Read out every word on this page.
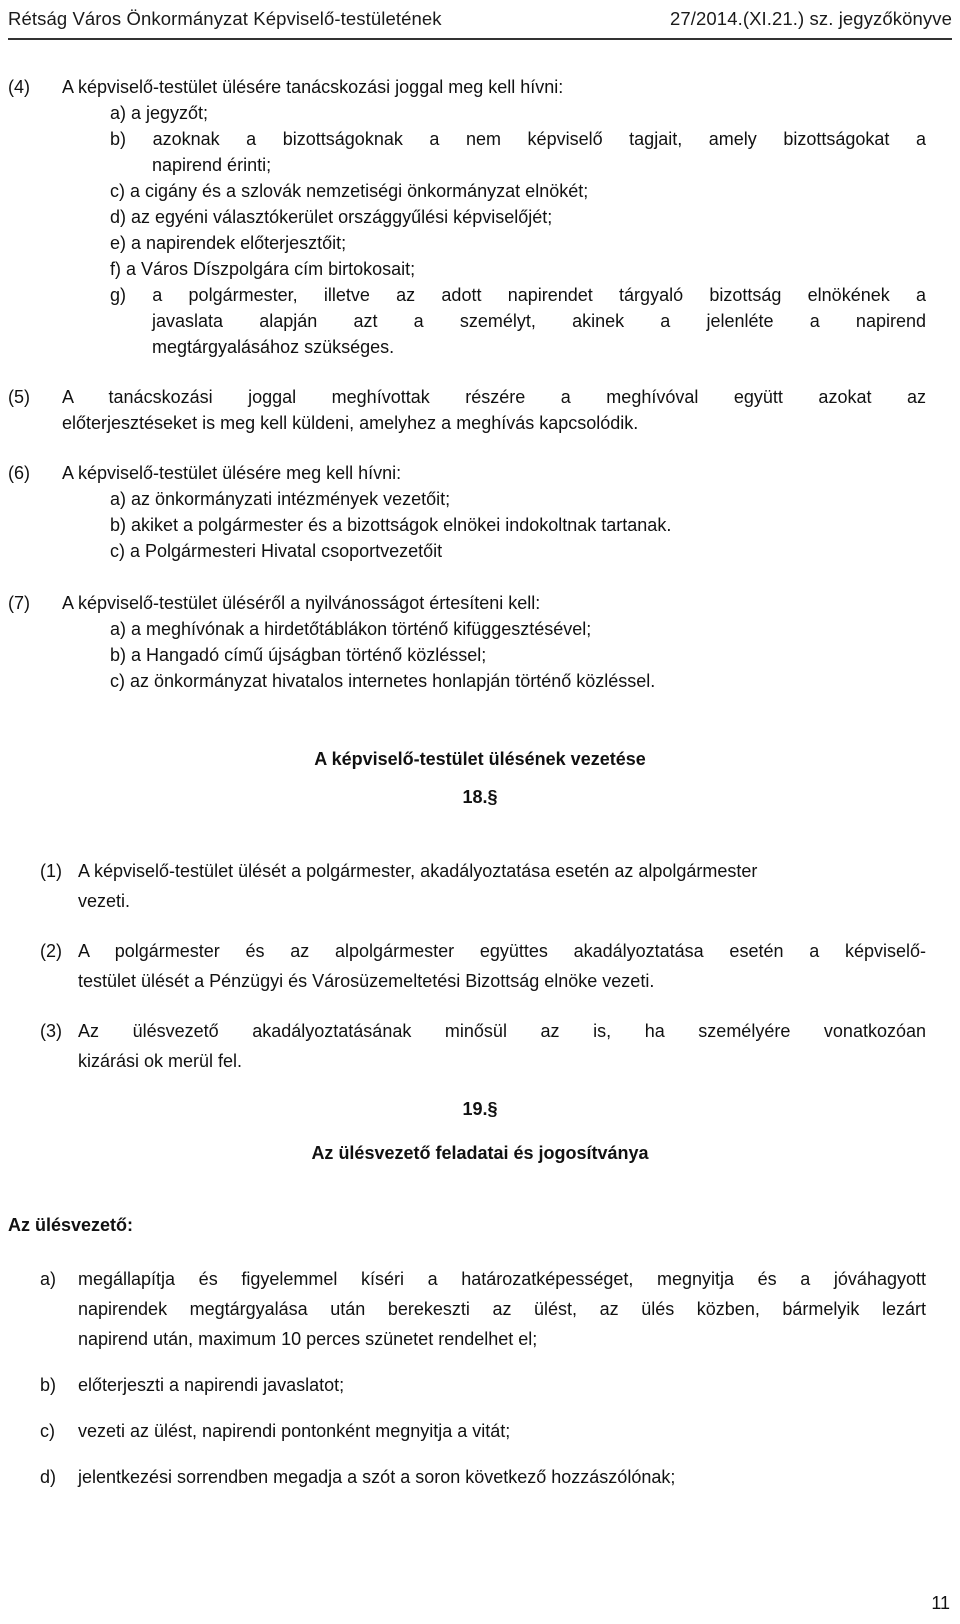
Rétság Város Önkormányzat Képviselő-testületének	27/2014.(XI.21.) sz. jegyzőkönyve
(4) A képviselő-testület ülésére tanácskozási joggal meg kell hívni:
a) a jegyzőt;
b) azoknak a bizottságoknak a nem képviselő tagjait, amely bizottságokat a
napirend érinti;
c) a cigány és a szlovák nemzetiségi önkormányzat elnökét;
d) az egyéni választókerület országgyűlési képviselőjét;
e) a napirendek előterjesztőit;
f) a Város Díszpolgára cím birtokosait;
g) a polgármester, illetve az adott napirendet tárgyaló bizottság elnökének a
javaslata alapján azt a személyt, akinek a jelenléte a napirend
megtárgyalásához szükséges.
(5) A tanácskozási joggal meghívottak részére a meghívóval együtt azokat az
előterjesztéseket is meg kell küldeni, amelyhez a meghívás kapcsolódik.
(6) A képviselő-testület ülésére meg kell hívni:
a) az önkormányzati intézmények vezetőit;
b) akiket a polgármester és a bizottságok elnökei indokoltnak tartanak.
c) a Polgármesteri Hivatal csoportvezetőit
(7) A képviselő-testület üléséről a nyilvánosságot értesíteni kell:
a) a meghívónak a hirdetőtáblákon történő kifüggesztésével;
b) a Hangadó című újságban történő közléssel;
c) az önkormányzat hivatalos internetes honlapján történő közléssel.
A képviselő-testület ülésének vezetése
18.§
(1) A képviselő-testület ülését a polgármester, akadályoztatása esetén az alpolgármester
vezeti.
(2) A polgármester és az alpolgármester együttes akadályoztatása esetén a képviselő-
testület ülését a Pénzügyi és Városüzemeltetési Bizottság elnöke vezeti.
(3) Az ülésvezető akadályoztatásának minősül az is, ha személyére vonatkozóan
kizárási ok merül fel.
19.§
Az ülésvezető feladatai és jogosítványa
Az ülésvezető:
a) megállapítja és figyelemmel kíséri a határozatképességet, megnyitja és a jóváhagyott
napirendek megtárgyalása után berekeszti az ülést, az ülés közben, bármelyik lezárt
napirend után, maximum 10 perces szünetet rendelhet el;
b) előterjeszti a napirendi javaslatot;
c) vezeti az ülést, napirendi pontonként megnyitja a vitát;
d) jelentkezési sorrendben megadja a szót a soron következő hozzászólónak;
11
